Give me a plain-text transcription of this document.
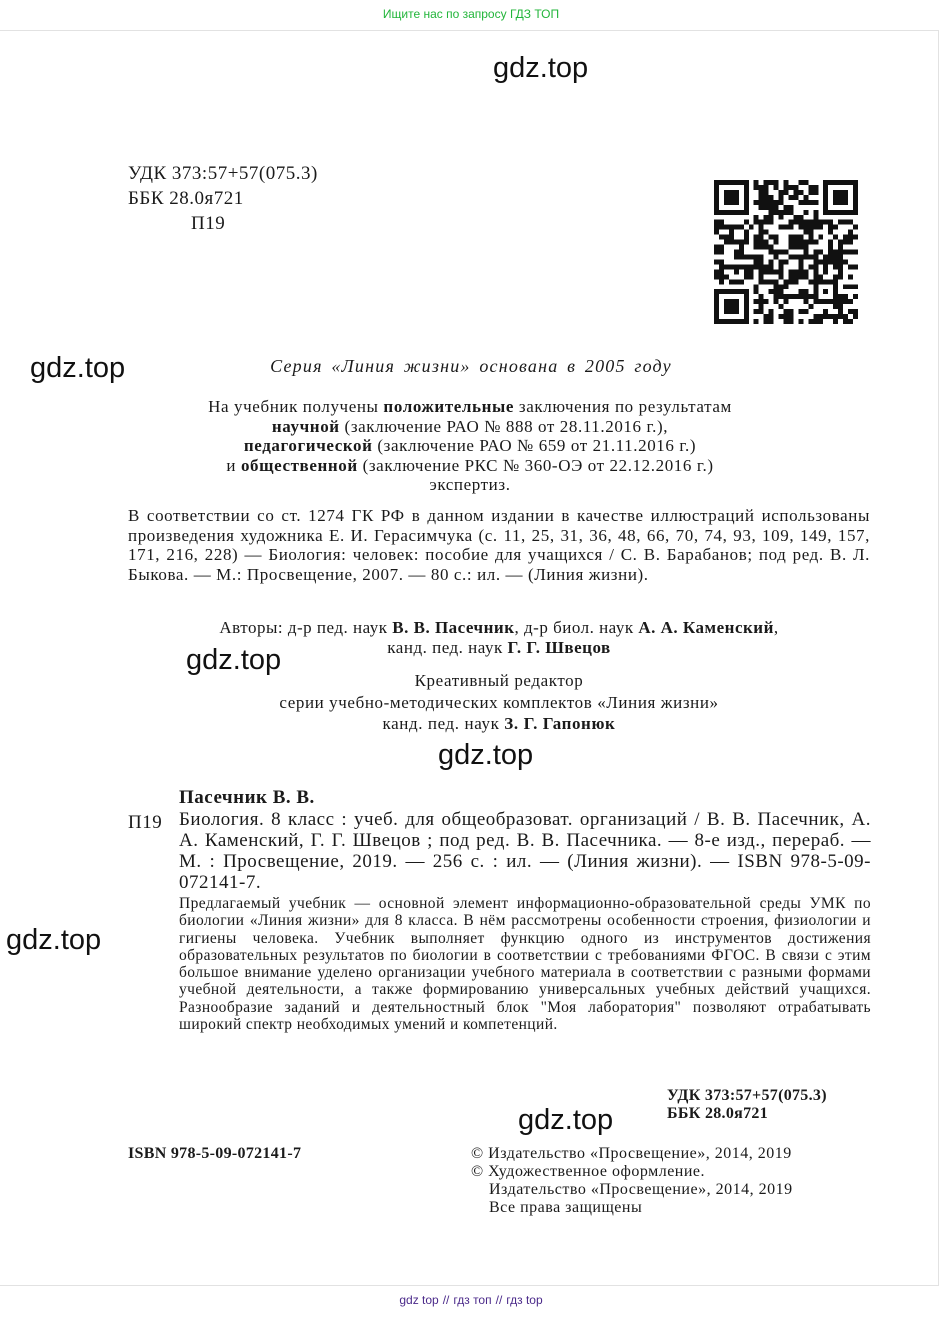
Ищите нас по запросу ГДЗ ТОП
gdz.top
gdz.top
gdz.top
gdz.top
gdz.top
gdz.top
УДК 373:57+57(075.3)
ББК 28.0я721
П19
Серия «Линия жизни» основана в 2005 году
На учебник получены положительные заключения по результатам
научной (заключение РАО № 888 от 28.11.2016 г.),
педагогической (заключение РАО № 659 от 21.11.2016 г.)
и общественной (заключение РКС № 360-ОЭ от 22.12.2016 г.)
экспертиз.
В соответствии со ст. 1274 ГК РФ в данном издании в качестве иллюстраций использованы произведения художника Е. И. Герасимчука (с. 11, 25, 31, 36, 48, 66, 70, 74, 93, 109, 149, 157, 171, 216, 228) — Биология: человек: пособие для учащихся / С. В. Барабанов; под ред. В. Л. Быкова. — М.: Просвещение, 2007. — 80 с.: ил. — (Линия жизни).
Авторы: д-р пед. наук В. В. Пасечник, д-р биол. наук А. А. Каменский,
канд. пед. наук Г. Г. Швецов
Креативный редактор
серии учебно-методических комплектов «Линия жизни»
канд. пед. наук З. Г. Гапонюк
П19
Пасечник В. В.
Биология. 8 класс : учеб. для общеобразоват. организаций / В. В. Пасечник, А. А. Каменский, Г. Г. Швецов ; под ред. В. В. Пасечника. — 8-е изд., перераб. — М. : Просвещение, 2019. — 256 с. : ил. — (Линия жизни). — ISBN 978-5-09-072141-7.
Предлагаемый учебник — основной элемент информационно-образовательной среды УМК по биологии «Линия жизни» для 8 класса. В нём рассмотрены особенности строения, физиологии и гигиены человека. Учебник выполняет функцию одного из инструментов достижения образовательных результатов по биологии в соответствии с требованиями ФГОС. В связи с этим большое внимание уделено организации учебного материала в соответствии с разными формами учебной деятельности, а также формированию универсальных учебных действий учащихся. Разнообразие заданий и деятельностный блок "Моя лаборатория" позволяют отрабатывать широкий спектр необходимых умений и компетенций.
УДК 373:57+57(075.3)
ББК 28.0я721
ISBN 978-5-09-072141-7	© Издательство «Просвещение», 2014, 2019
© Художественное оформление.
Издательство «Просвещение», 2014, 2019
Все права защищены
gdz top // гдз топ // гдз top
